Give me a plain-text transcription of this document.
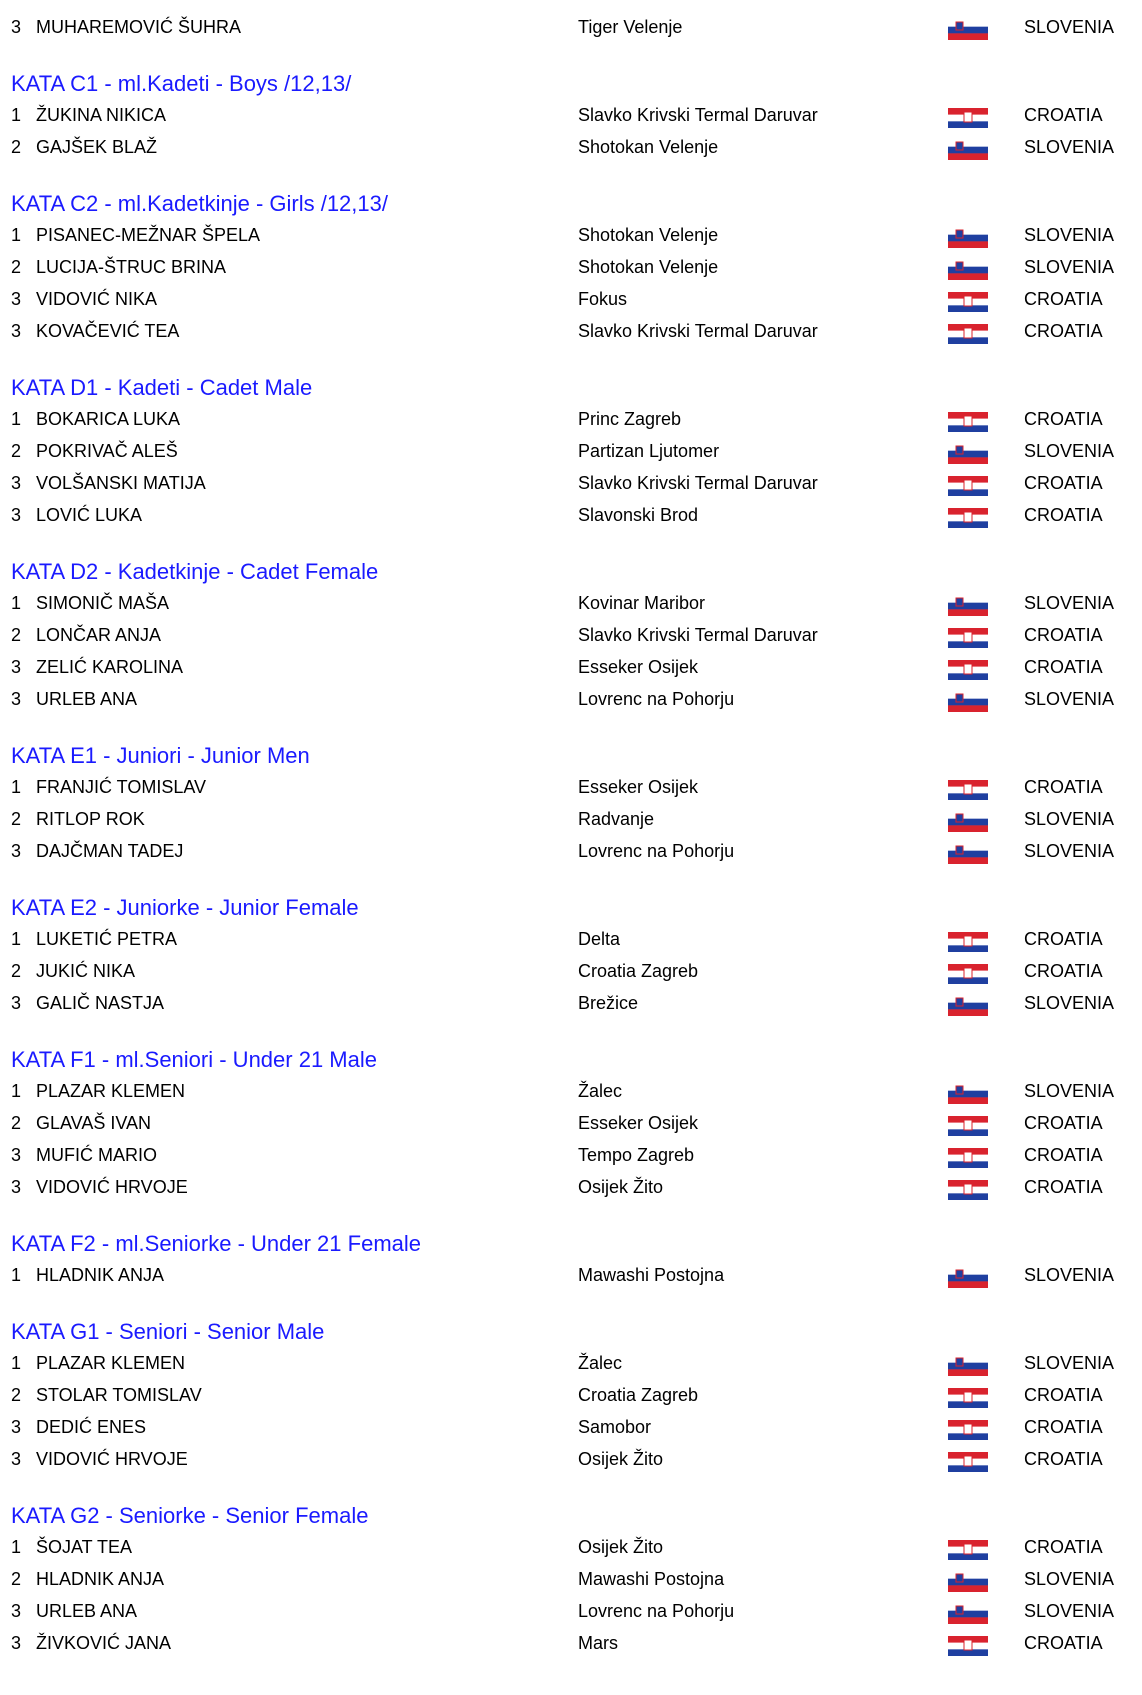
3 MUHAREMOVIĆ ŠUHRA	Tiger Velenje	SLOVENIA
KATA C1 - ml.Kadeti - Boys /12,13/
1 ŽUKINA NIKICA	Slavko Krivski Termal Daruvar	CROATIA
2 GAJŠEK BLAŽ	Shotokan Velenje	SLOVENIA
KATA C2 - ml.Kadetkinje - Girls /12,13/
1 PISANEC-MEŽNAR ŠPELA	Shotokan Velenje	SLOVENIA
2 LUCIJA-ŠTRUC BRINA	Shotokan Velenje	SLOVENIA
3 VIDOVIĆ NIKA	Fokus	CROATIA
3 KOVAČEVIĆ TEA	Slavko Krivski Termal Daruvar	CROATIA
KATA D1 - Kadeti - Cadet Male
1 BOKARICA LUKA	Princ Zagreb	CROATIA
2 POKRIVAČ ALEŠ	Partizan Ljutomer	SLOVENIA
3 VOLŠANSKI MATIJA	Slavko Krivski Termal Daruvar	CROATIA
3 LOVIĆ LUKA	Slavonski Brod	CROATIA
KATA D2 - Kadetkinje - Cadet Female
1 SIMONIČ MAŠA	Kovinar Maribor	SLOVENIA
2 LONČAR ANJA	Slavko Krivski Termal Daruvar	CROATIA
3 ZELIĆ KAROLINA	Esseker Osijek	CROATIA
3 URLEB ANA	Lovrenc na Pohorju	SLOVENIA
KATA E1 - Juniori - Junior Men
1 FRANJIĆ TOMISLAV	Esseker Osijek	CROATIA
2 RITLOP ROK	Radvanje	SLOVENIA
3 DAJČMAN TADEJ	Lovrenc na Pohorju	SLOVENIA
KATA E2 - Juniorke - Junior Female
1 LUKETIĆ PETRA	Delta	CROATIA
2 JUKIĆ NIKA	Croatia Zagreb	CROATIA
3 GALIČ NASTJA	Brežice	SLOVENIA
KATA F1 - ml.Seniori - Under 21 Male
1 PLAZAR KLEMEN	Žalec	SLOVENIA
2 GLAVAŠ IVAN	Esseker Osijek	CROATIA
3 MUFIĆ MARIO	Tempo Zagreb	CROATIA
3 VIDOVIĆ HRVOJE	Osijek Žito	CROATIA
KATA F2 - ml.Seniorke - Under 21 Female
1 HLADNIK ANJA	Mawashi Postojna	SLOVENIA
KATA G1 - Seniori - Senior Male
1 PLAZAR KLEMEN	Žalec	SLOVENIA
2 STOLAR TOMISLAV	Croatia Zagreb	CROATIA
3 DEDIĆ ENES	Samobor	CROATIA
3 VIDOVIĆ HRVOJE	Osijek Žito	CROATIA
KATA G2 - Seniorke - Senior Female
1 ŠOJAT TEA	Osijek Žito	CROATIA
2 HLADNIK ANJA	Mawashi Postojna	SLOVENIA
3 URLEB ANA	Lovrenc na Pohorju	SLOVENIA
3 ŽIVKOVIĆ JANA	Mars	CROATIA
